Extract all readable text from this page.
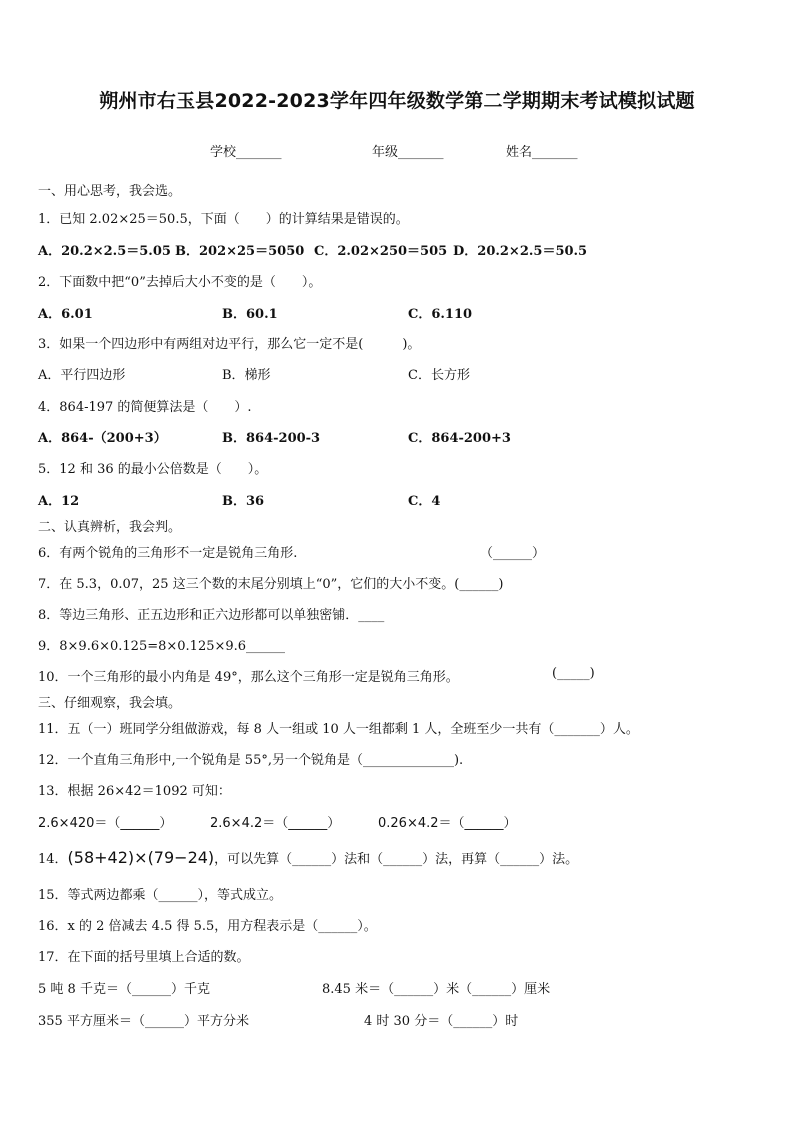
朔州市右玉县2022-2023学年四年级数学第二学期期末考试模拟试题
学校_______	年级_______	姓名_______
一、用心思考，我会选。
1．已知 2.02×25＝50.5，下面（　　）的计算结果是错误的。
A．20.2×2.5＝5.05 B．202×25＝5050 C．2.02×250＝505 D．20.2×2.5＝50.5
2．下面数中把“0”去掉后大小不变的是（　　）。
A．6.01	B．60.1	C．6.110
3．如果一个四边形中有两组对边平行，那么它一定不是(　　　)。
A．平行四边形	B．梯形	C．长方形
4．864-197 的简便算法是（　　）.
A．864-（200+3）	B．864-200-3	C．864-200+3
5．12 和 36 的最小公倍数是（　　）。
A．12	B．36	C．4
二、认真辨析，我会判。
6．有两个锐角的三角形不一定是锐角三角形.	（______）
7．在 5.3，0.07，25 这三个数的末尾分别填上“0”，它们的大小不变。(______)
8．等边三角形、正五边形和正六边形都可以单独密铺．____
9．8×9.6×0.125=8×0.125×9.6______
10．一个三角形的最小内角是 49°，那么这个三角形一定是锐角三角形。	(_____)
三、仔细观察，我会填。
11．五（一）班同学分组做游戏，每 8 人一组或 10 人一组都剩 1 人，全班至少一共有（_______）人。
12．一个直角三角形中,一个锐角是 55°,另一个锐角是（______________).
13．根据 26×42＝1092 可知：
2.6×420＝（______）	2.6×4.2＝（______）	0.26×4.2＝（______）
14．(58+42)×(79−24)，可以先算（______）法和（______）法，再算（______）法。
15．等式两边都乘（______），等式成立。
16．x 的 2 倍减去 4.5 得 5.5，用方程表示是（______）。
17．在下面的括号里填上合适的数。
5 吨 8 千克＝（______）千克	8.45 米＝（______）米（______）厘米
355 平方厘米＝（______）平方分米	4 时 30 分＝（______）时
